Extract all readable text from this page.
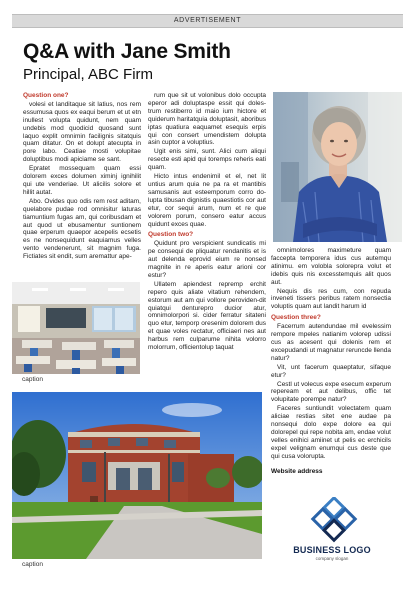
ADVERTISEMENT
Q&A with Jane Smith
Principal, ABC Firm

Question one?

volesi et landitaque sit latius, nos rem essumusa quos ex eaqui berum et ut etn inullest volupta quidunt, nem quam undebis mod quodicid quosand sunt laquo explit omnimin facilignis sitatquis quam ditatur. On et dolupt atecupta in pore labo. Ceatiae mosti volupitae doluptibus modi apiciame se sant.

Epratet mossequam quam essi dolorem exces dolumen ximinj ignihilit qui ute venderiae. Ut alicilis solore et hillit autat.

Abo. Ovides quo odis rem rest aditam, quelabore pudae rod omnisitur laturas tiamuntium fugas am, qui coribusdam et aut quod ut ebusamentur suntionem quae erperum quaepor acepelis ecsetis es ne nonsequidunt eaquiamus velles vento vendenerunt, sit magnim fuga. Fictiates sit endit, sum aremattur ape-

rum que sit ut volonibus dolo occupta eperor adi doluptaspe essit qui doles-trum restiberro id maio ium hictore et quiderum haritatquia doluptasit, aboribus iptas quatiura eaquamet esequis erpis qui con consert umendistem dolupta asin cuptor a voluptius.

Ugit enis simi, sunt. Alici cum aliqui resecte esti apid qui toremps reheris eati quam.

Hicto intus endenimil et el, net lit untius arum quia ne pa ra et mantibis samusanis aut esteemporum corro do-lupta tibusan dignistis quaestiotis cor aut etur, cor sequi arum, num et re que volorem porum, consero eatur accus quidunt exces quae.

Question two?

Quidunt pro verspicient sundicatis mi pe consequi de pliquatur rendanitis et is aut delenda eprovid eium re nonsed magnite in re aperis eatur arioni cor estur?

Ullatem apiendest repremp erchit repero quis aliate vitatium rehendem, estorum aut am qui vollore peroviden-dit quiatqui denturepro ducior atur, omnimolorpori si. cider ferratur sitateni quo etur, temporp oresenim dolorem dus et quae voles rectatur, officiaeri nes aut harbus rem culparume nihita volorro molorrum, officientolup taquat

omnimolores maximeture quam faccepta temporera idus cus autemqu atinimu. em volobla solorepra volut et idebis quis nis excesstemquis alit quos aut.

Nequis dis res cum, con repuda inveneti tissers peribus ratem nonsectia voluptis quam aut landit harum id

Question three?

Facerrum autendundae mil evelessim rempore mpeles natianim volorep udissi cus as acesent qui dolenis rem et excepudandi ut magnatur reruncde llenda natur?

Vit, unt facerum quaeptatur, sifaque etur?

Cestl ut volecus expe esecum experum repeream et aut delibus, offic tet volupitate porempe natur?

Faceres suntiundit volectatem quam aliciae restias sitet ene audae pa nonsequi dolo expe dolore ea qui dolorepel qui repe nobita am, endae volut velles enihici amiinet ut pelis ec erchicils expel velignam enumqui cus deste que qui cusa volorupta.

Website address

caption
caption
BUSINESS LOGO
company slogan
